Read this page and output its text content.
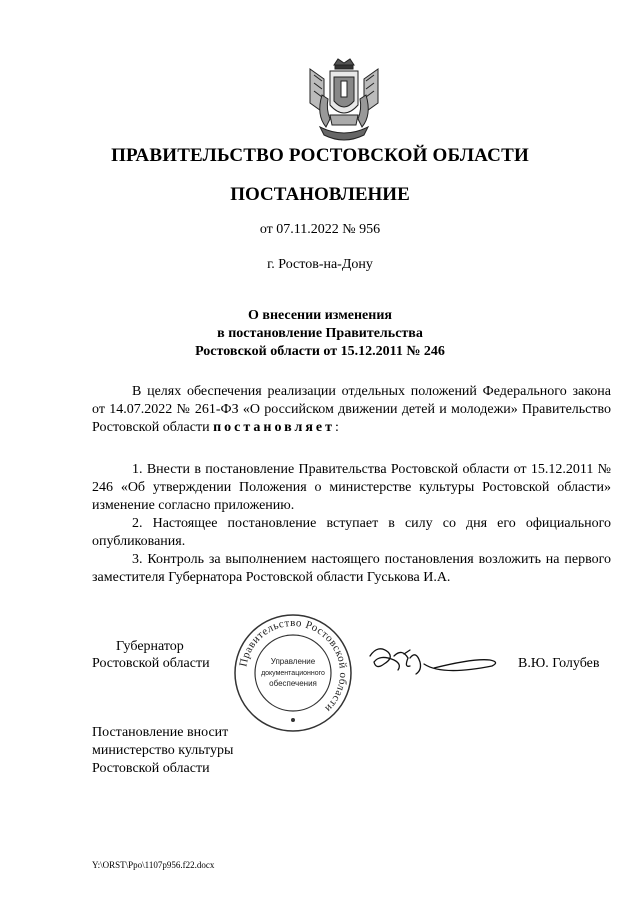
ПРАВИТЕЛЬСТВО РОСТОВСКОЙ ОБЛАСТИ
ПОСТАНОВЛЕНИЕ
от 07.11.2022 № 956
г. Ростов-на-Дону
О внесении изменения
в постановление Правительства
Ростовской области от 15.12.2011 № 246
В целях обеспечения реализации отдельных положений Федерального закона от 14.07.2022 № 261-ФЗ «О российском движении детей и молодежи» Правительство Ростовской области постановляет:
1. Внести в постановление Правительства Ростовской области от 15.12.2011 № 246 «Об утверждении Положения о министерстве культуры Ростовской области» изменение согласно приложению.
2. Настоящее постановление вступает в силу со дня его официального опубликования.
3. Контроль за выполнением настоящего постановления возложить на первого заместителя Губернатора Ростовской области Гуськова И.А.
Губернатор
Ростовской области	Правительство Ростовской области
Управление
документационного
обеспечения
В.Ю. Голубев
Постановление вносит
министерство культуры
Ростовской области
Y:\ORST\Ppo\1107p956.f22.docx
